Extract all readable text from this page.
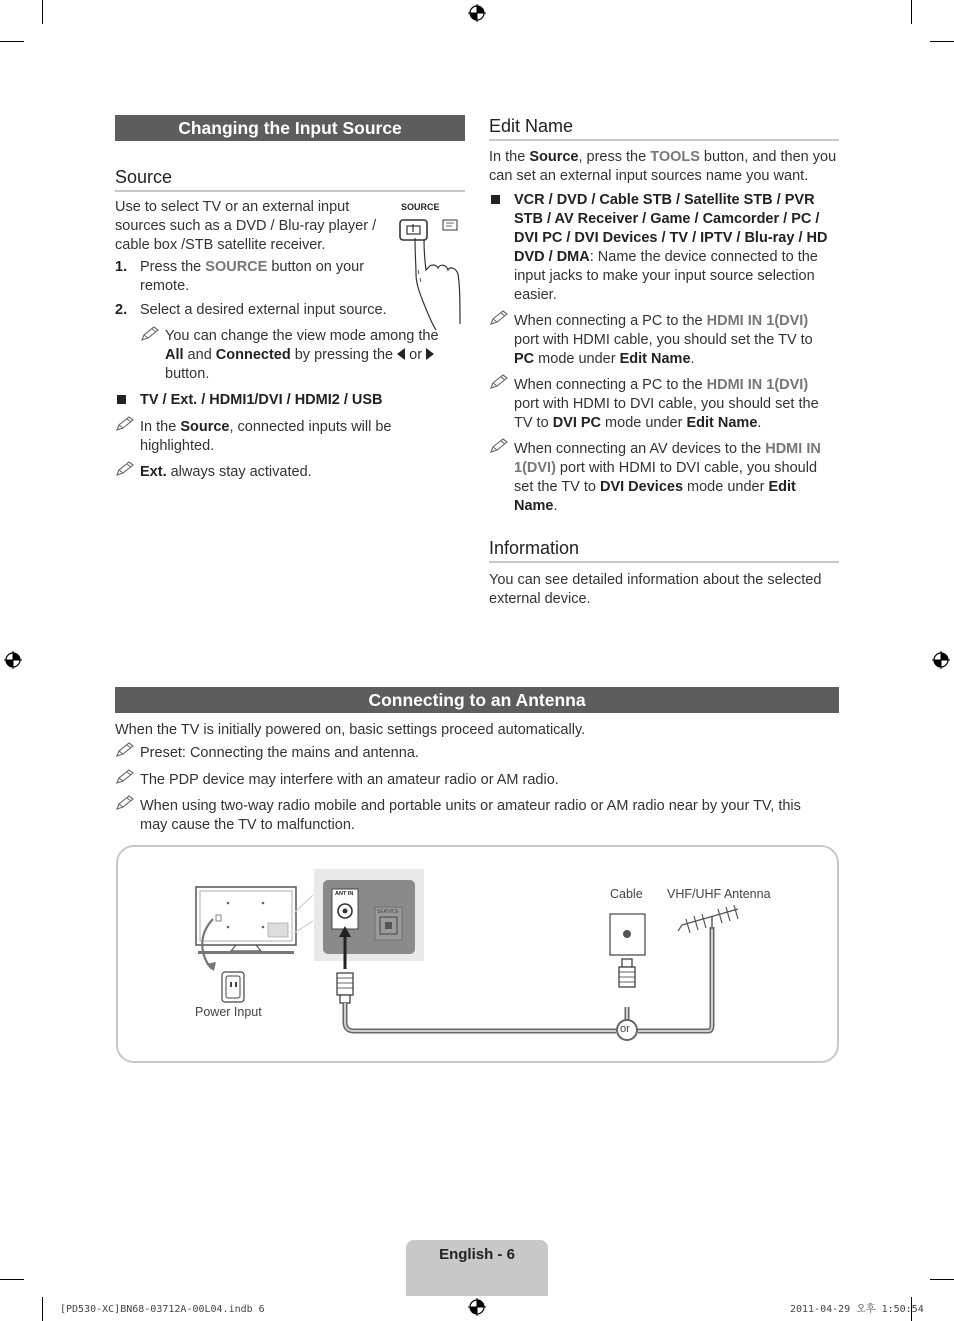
Changing the Input Source
Source
Use to select TV or an external input sources such as a DVD / Blu-ray player / cable box /STB satellite receiver.
SOURCE
1. Press the SOURCE button on your remote.
2. Select a desired external input source.
You can change the view mode among the All and Connected by pressing the  or  button.
TV / Ext. / HDMI1/DVI / HDMI2 / USB
In the Source, connected inputs will be highlighted.
Ext. always stay activated.
Edit Name
In the Source, press the TOOLS button, and then you can set an external input sources name you want.
VCR / DVD / Cable STB / Satellite STB / PVR STB / AV Receiver / Game / Camcorder / PC / DVI PC / DVI Devices / TV / IPTV / Blu-ray / HD DVD / DMA: Name the device connected to the input jacks to make your input source selection easier.
When connecting a PC to the HDMI IN 1(DVI) port with HDMI cable, you should set the TV to PC mode under Edit Name.
When connecting a PC to the HDMI IN 1(DVI) port with HDMI to DVI cable, you should set the TV to DVI PC mode under Edit Name.
When connecting an AV devices to the HDMI IN 1(DVI) port with HDMI to DVI cable, you should set the TV to DVI Devices mode under Edit Name.
Information
You can see detailed information about the selected external device.
Connecting to an Antenna
When the TV is initially powered on, basic settings proceed automatically.
Preset: Connecting the mains and antenna.
The PDP device may interfere with an amateur radio or AM radio.
When using two-way radio mobile and portable units or amateur radio or AM radio near by your TV, this may cause the TV to malfunction.
Power Input
ANT IN
SERVICE
Cable VHF/UHF Antenna
or
English - 6
[PD530-XC]BN68-03712A-00L04.indb 6	2011-04-29 오후 1:50:54
